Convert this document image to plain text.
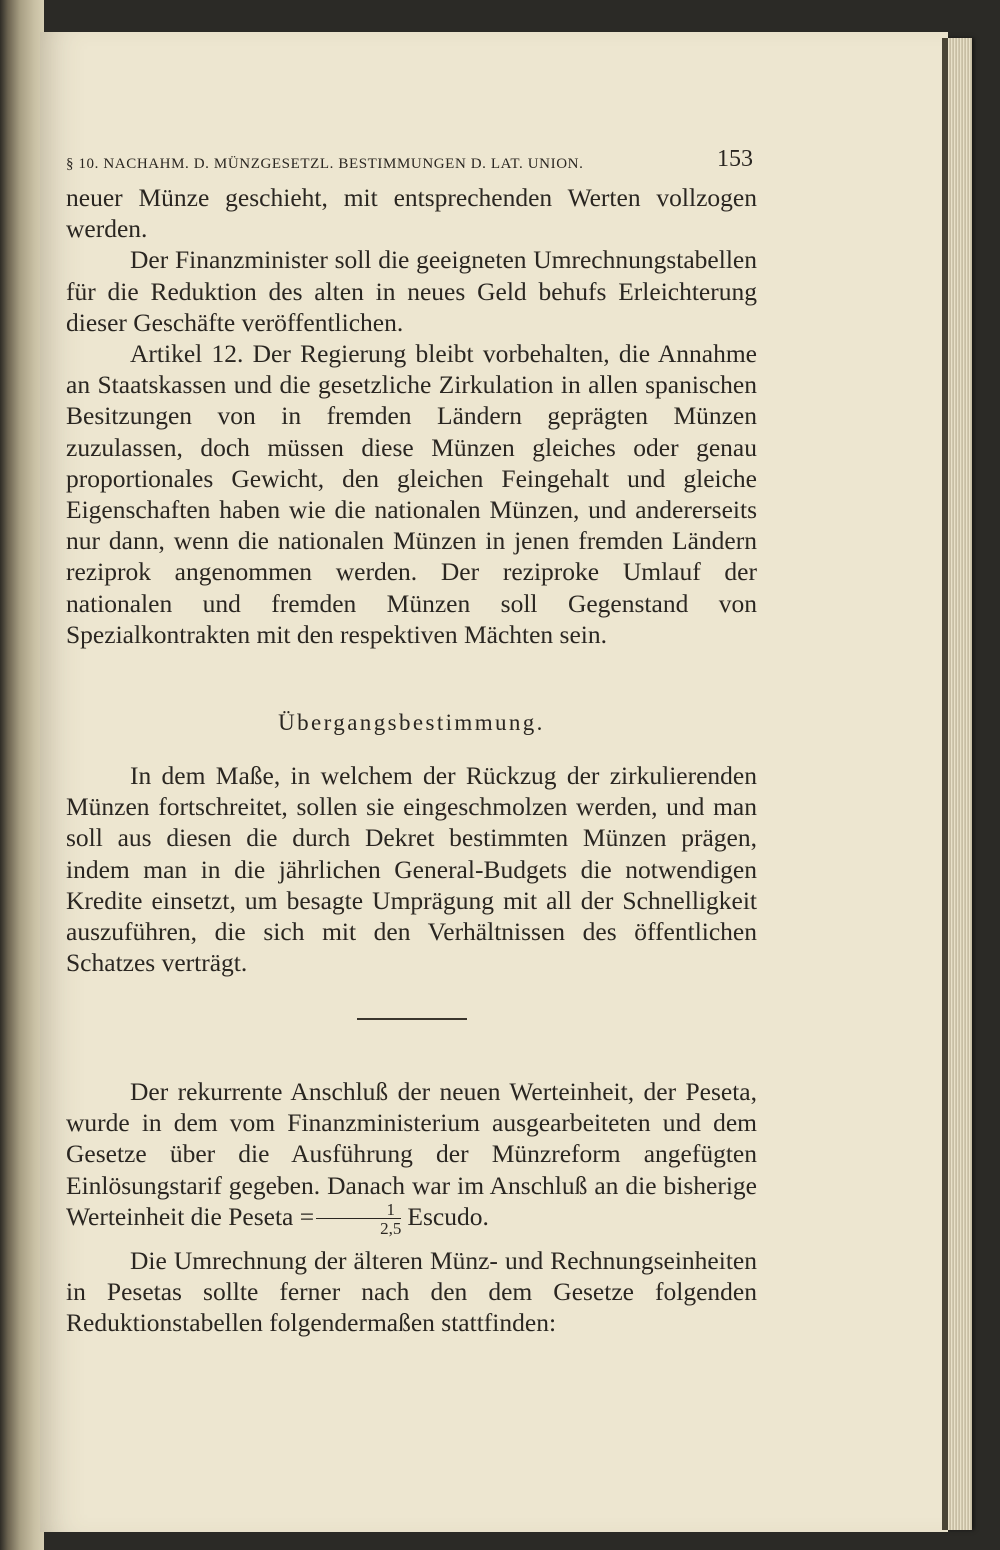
§ 10. NACHAHM. D. MÜNZGESETZL. BESTIMMUNGEN D. LAT. UNION.	153

neuer Münze geschieht, mit entsprechenden Werten vollzogen werden.

Der Finanzminister soll die geeigneten Umrechnungstabellen für die Reduktion des alten in neues Geld behufs Erleichterung dieser Geschäfte veröffentlichen.

Artikel 12. Der Regierung bleibt vorbehalten, die Annahme an Staatskassen und die gesetzliche Zirkulation in allen spanischen Besitzungen von in fremden Ländern geprägten Münzen zuzulassen, doch müssen diese Münzen gleiches oder genau proportionales Gewicht, den gleichen Feingehalt und gleiche Eigenschaften haben wie die nationalen Münzen, und andererseits nur dann, wenn die nationalen Münzen in jenen fremden Ländern reziprok angenommen werden. Der reziproke Umlauf der nationalen und fremden Münzen soll Gegenstand von Spezialkontrakten mit den respektiven Mächten sein.

Übergangsbestimmung.

In dem Maße, in welchem der Rückzug der zirkulierenden Münzen fortschreitet, sollen sie eingeschmolzen werden, und man soll aus diesen die durch Dekret bestimmten Münzen prägen, indem man in die jährlichen General-Budgets die notwendigen Kredite einsetzt, um besagte Umprägung mit all der Schnelligkeit auszuführen, die sich mit den Verhältnissen des öffentlichen Schatzes verträgt.

Der rekurrente Anschluß der neuen Werteinheit, der Peseta, wurde in dem vom Finanzministerium ausgearbeiteten und dem Gesetze über die Ausführung der Münzreform angefügten Einlösungstarif gegeben. Danach war im Anschluß an die bisherige Werteinheit die Peseta = $\frac{1}{2,5}$ Escudo.

Die Umrechnung der älteren Münz- und Rechnungseinheiten in Pesetas sollte ferner nach den dem Gesetze folgenden Reduktionstabellen folgendermaßen stattfinden:
